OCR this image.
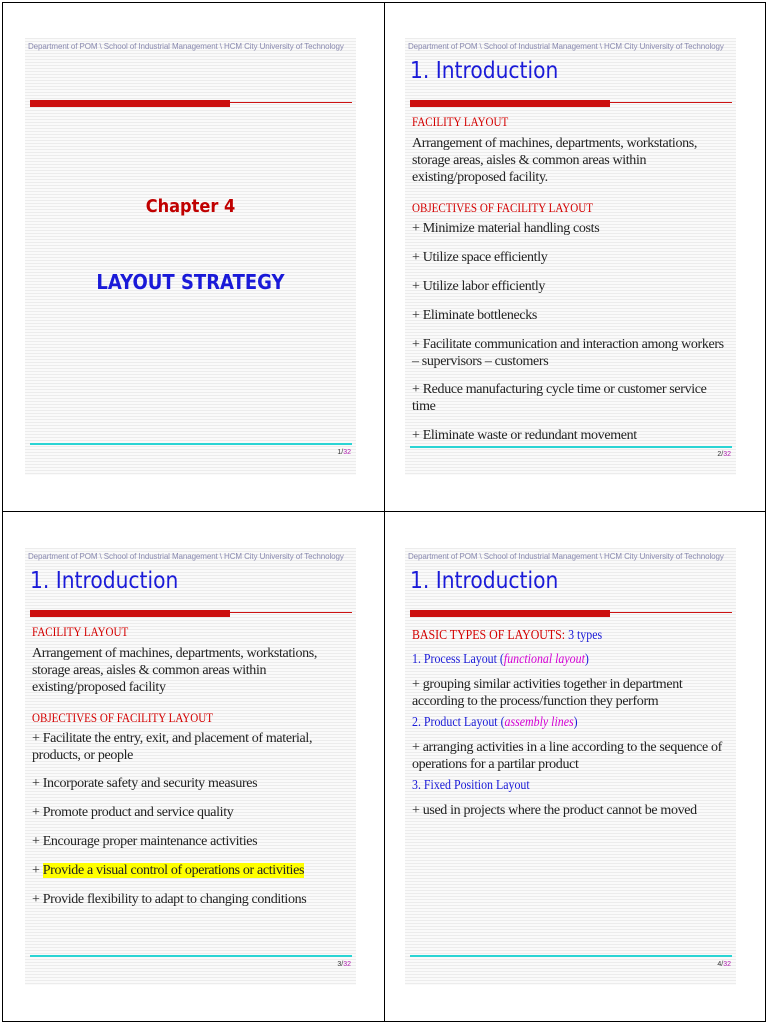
Department of POM \ School of Industrial Management \ HCM City University of Technology
Chapter 4
LAYOUT STRATEGY
1/32
Department of POM \ School of Industrial Management \ HCM City University of Technology
1. Introduction
FACILITY LAYOUT

Arrangement of machines, departments, workstations, storage areas, aisles & common areas within existing/proposed facility.

OBJECTIVES OF FACILITY LAYOUT
+ Minimize material handling costs
+ Utilize space efficiently
+ Utilize labor efficiently
+ Eliminate bottlenecks
+ Facilitate communication and interaction among workers – supervisors – customers
+ Reduce manufacturing cycle time or customer service time
+ Eliminate waste or redundant movement
2/32
Department of POM \ School of Industrial Management \ HCM City University of Technology
1. Introduction
FACILITY LAYOUT

Arrangement of machines, departments, workstations, storage areas, aisles & common areas within existing/proposed facility

OBJECTIVES OF FACILITY LAYOUT
+ Facilitate the entry, exit, and placement of material, products, or people
+ Incorporate safety and security measures
+ Promote product and service quality
+ Encourage proper maintenance activities
+ Provide a visual control of operations or activities
+ Provide flexibility to adapt to changing conditions
3/32
Department of POM \ School of Industrial Management \ HCM City University of Technology
1. Introduction
BASIC TYPES OF LAYOUTS: 3 types
1. Process Layout (functional layout)

+ grouping similar activities together in department according to the process/function they perform

2. Product Layout (assembly lines)

+ arranging activities in a line according to the sequence of operations for a partilar product

3. Fixed Position Layout

+ used in projects where the product cannot be moved

4/32
